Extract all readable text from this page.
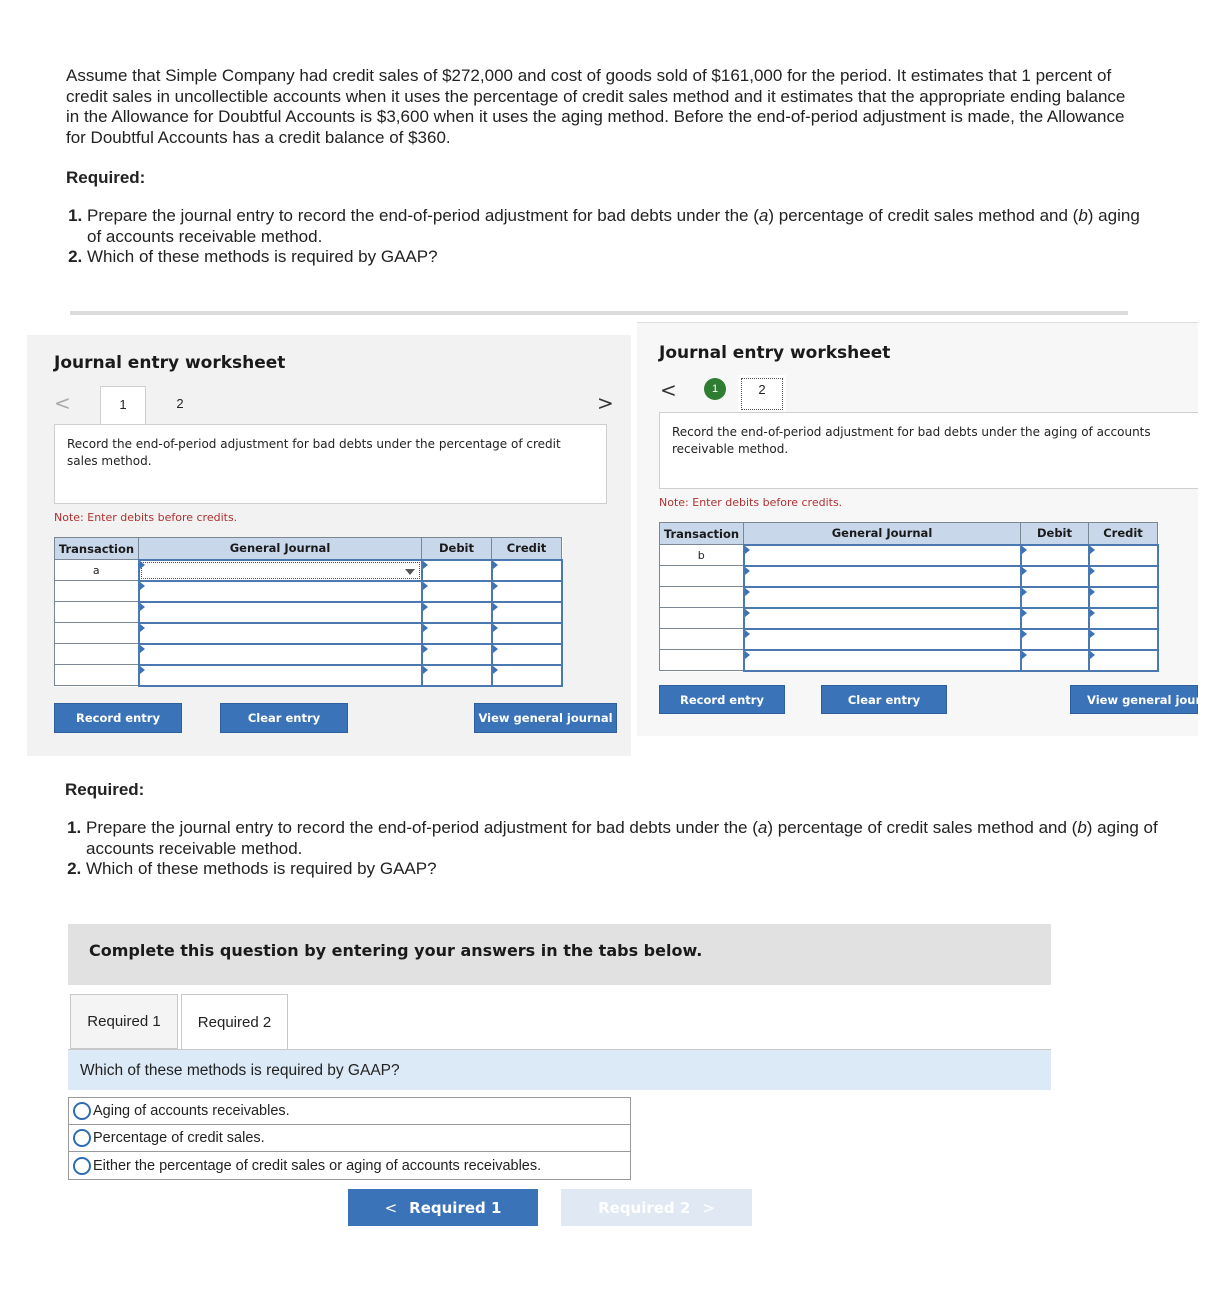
Assume that Simple Company had credit sales of $272,000 and cost of goods sold of $161,000 for the period. It estimates that 1 percent of credit sales in uncollectible accounts when it uses the percentage of credit sales method and it estimates that the appropriate ending balance in the Allowance for Doubtful Accounts is $3,600 when it uses the aging method. Before the end-of-period adjustment is made, the Allowance for Doubtful Accounts has a credit balance of $360.

Required:
1. Prepare the journal entry to record the end-of-period adjustment for bad debts under the (a) percentage of credit sales method and (b) aging of accounts receivable method.
2. Which of these methods is required by GAAP?
Journal entry worksheet
<	1	2	>
Record the end-of-period adjustment for bad debts under the percentage of credit sales method.
Note: Enter debits before credits.
Transaction	General Journal	Debit	Credit
a	

Record entry	Clear entry	View general journal
Journal entry worksheet
<	1	2
Record the end-of-period adjustment for bad debts under the aging of accounts receivable method.
Note: Enter debits before credits.
Transaction	General Journal	Debit	Credit
b			

Record entry	Clear entry	View general journal
Required:
1. Prepare the journal entry to record the end-of-period adjustment for bad debts under the (a) percentage of credit sales method and (b) aging of accounts receivable method.
2. Which of these methods is required by GAAP?
Complete this question by entering your answers in the tabs below.
Required 1	Required 2
Which of these methods is required by GAAP?
Aging of accounts receivables.
Percentage of credit sales.
Either the percentage of credit sales or aging of accounts receivables.
< Required 1	Required 2 >
